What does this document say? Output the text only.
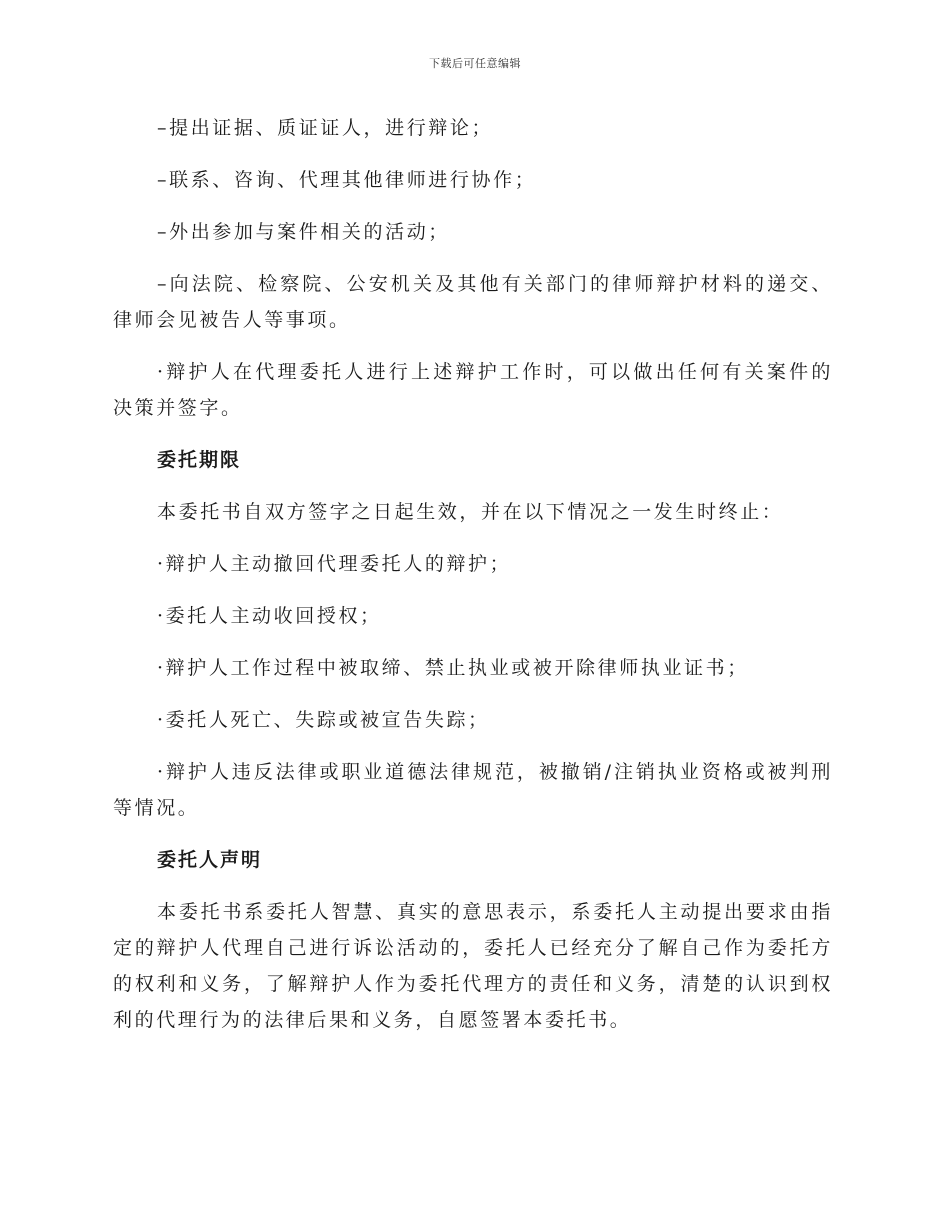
下载后可任意编辑

–提出证据、质证证人，进行辩论；

–联系、咨询、代理其他律师进行协作；

–外出参加与案件相关的活动；

–向法院、检察院、公安机关及其他有关部门的律师辩护材料的递交、律师会见被告人等事项。

·辩护人在代理委托人进行上述辩护工作时，可以做出任何有关案件的决策并签字。

委托期限

本委托书自双方签字之日起生效，并在以下情况之一发生时终止：

·辩护人主动撤回代理委托人的辩护；

·委托人主动收回授权；

·辩护人工作过程中被取缔、禁止执业或被开除律师执业证书；

·委托人死亡、失踪或被宣告失踪；

·辩护人违反法律或职业道德法律规范，被撤销/注销执业资格或被判刑等情况。

委托人声明

本委托书系委托人智慧、真实的意思表示，系委托人主动提出要求由指定的辩护人代理自己进行诉讼活动的，委托人已经充分了解自己作为委托方的权利和义务，了解辩护人作为委托代理方的责任和义务，清楚的认识到权利的代理行为的法律后果和义务，自愿签署本委托书。
